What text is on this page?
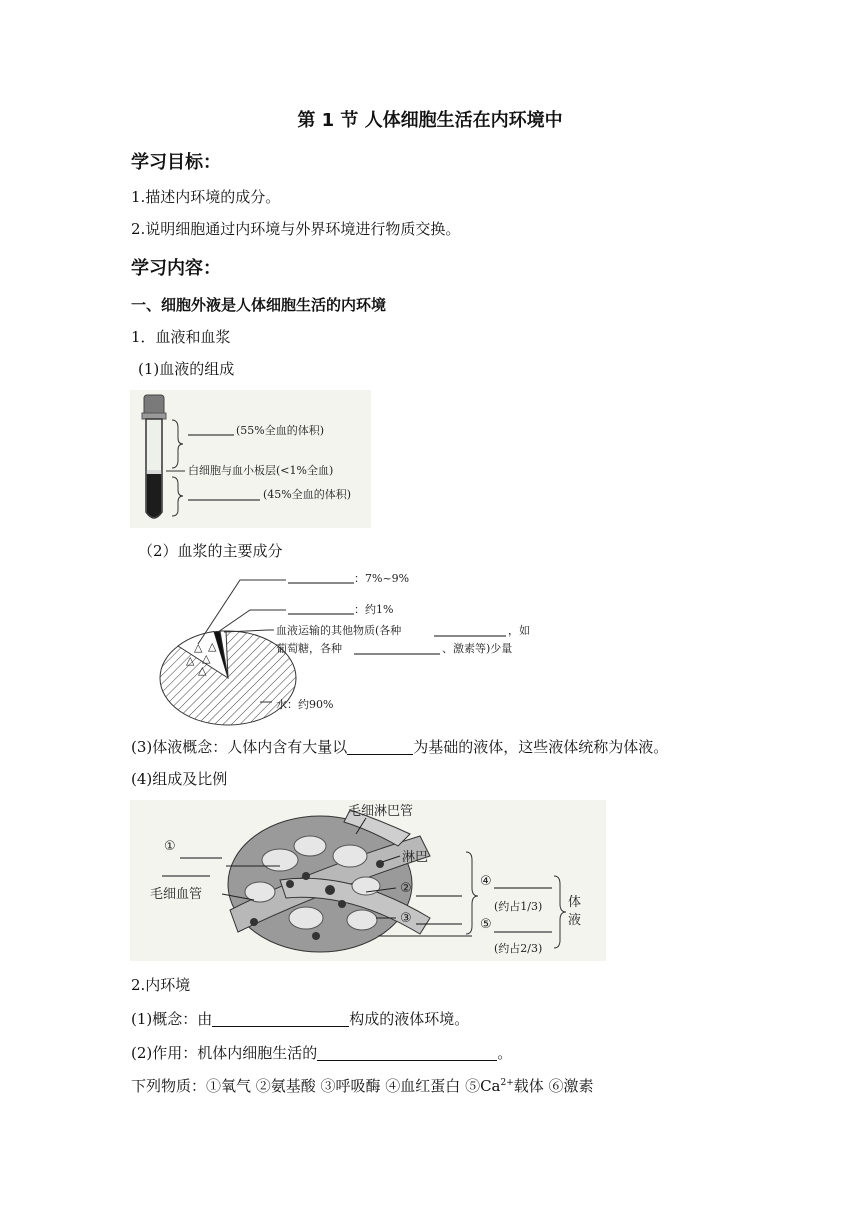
第 1 节 人体细胞生活在内环境中
学习目标：
1.描述内环境的成分。
2.说明细胞通过内环境与外界环境进行物质交换。
学习内容：
一、细胞外液是人体细胞生活的内环境
1．血液和血浆
(1)血液的组成
(55%全血的体积)
白细胞与血小板层(<1%全血)
(45%全血的体积)
（2）血浆的主要成分
△
△
△
△
△
：7%~9%
：约1%
血液运输的其他物质(各种	，如
葡萄糖，各种	、激素等)少量
水：约90%
(3)体液概念：人体内含有大量以	为基础的液体，这些液体统称为体液。
(4)组成及比例
毛细淋巴管
淋巴
①
毛细血管	②
③
④
(约占1/3)
⑤
(约占2/3)
体
液
2.内环境
(1)概念：由	构成的液体环境。
(2)作用：机体内细胞生活的	。
下列物质：①氧气 ②氨基酸 ③呼吸酶 ④血红蛋白 $⑤Ca^{2+}$载体 ⑥激素
